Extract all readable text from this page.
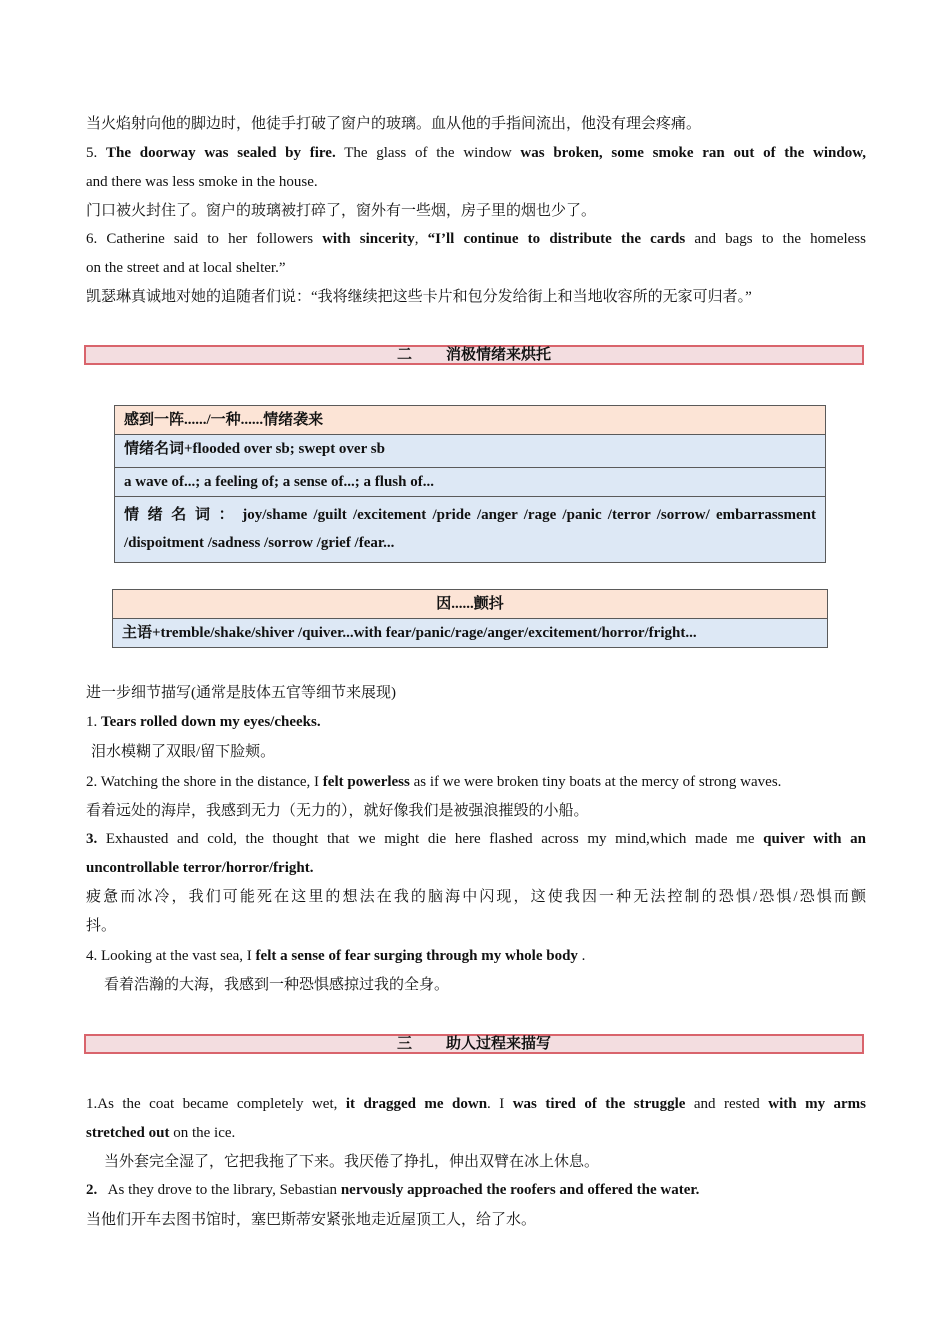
当火焰射向他的脚边时，他徒手打破了窗户的玻璃。血从他的手指间流出，他没有理会疼痛。
5. The doorway was sealed by fire. The glass of the window was broken, some smoke ran out of the window,
and there was less smoke in the house.
门口被火封住了。窗户的玻璃被打碎了，窗外有一些烟，房子里的烟也少了。
6. Catherine said to her followers with sincerity, “I’ll continue to distribute the cards and bags to the homeless
on the street and at local shelter.”
凯瑟琳真诚地对她的追随者们说：“我将继续把这些卡片和包分发给街上和当地收容所的无家可归者。”
二 消极情绪来烘托
感到一阵....../一种......情绪袭来
情绪名词+flooded over sb; swept over sb
a wave of...; a feeling of; a sense of...; a flush of...
情 绪 名 词 ： joy/shame /guilt /excitement /pride /anger /rage /panic /terror /sorrow/ embarrassment /dispoitment /sadness /sorrow /grief /fear...
因......颤抖
主语+tremble/shake/shiver /quiver...with fear/panic/rage/anger/excitement/horror/fright...
进一步细节描写(通常是肢体五官等细节来展现)
1. Tears rolled down my eyes/cheeks.
泪水模糊了双眼/留下脸颊。
2. Watching the shore in the distance, I felt powerless as if we were broken tiny boats at the mercy of strong waves.
看着远处的海岸，我感到无力（无力的），就好像我们是被强浪摧毁的小船。
3. Exhausted and cold, the thought that we might die here flashed across my mind,which made me quiver with an
uncontrollable terror/horror/fright.
疲惫而冰冷，我们可能死在这里的想法在我的脑海中闪现，这使我因一种无法控制的恐惧/恐惧/恐惧而颤
抖。
4. Looking at the vast sea, I felt a sense of fear surging through my whole body .
看着浩瀚的大海，我感到一种恐惧感掠过我的全身。
三 助人过程来描写
1.As the coat became completely wet, it dragged me down. I was tired of the struggle and rested with my arms
stretched out on the ice.
当外套完全湿了，它把我拖了下来。我厌倦了挣扎，伸出双臂在冰上休息。
2.   As they drove to the library, Sebastian nervously approached the roofers and offered the water.
当他们开车去图书馆时，塞巴斯蒂安紧张地走近屋顶工人，给了水。
